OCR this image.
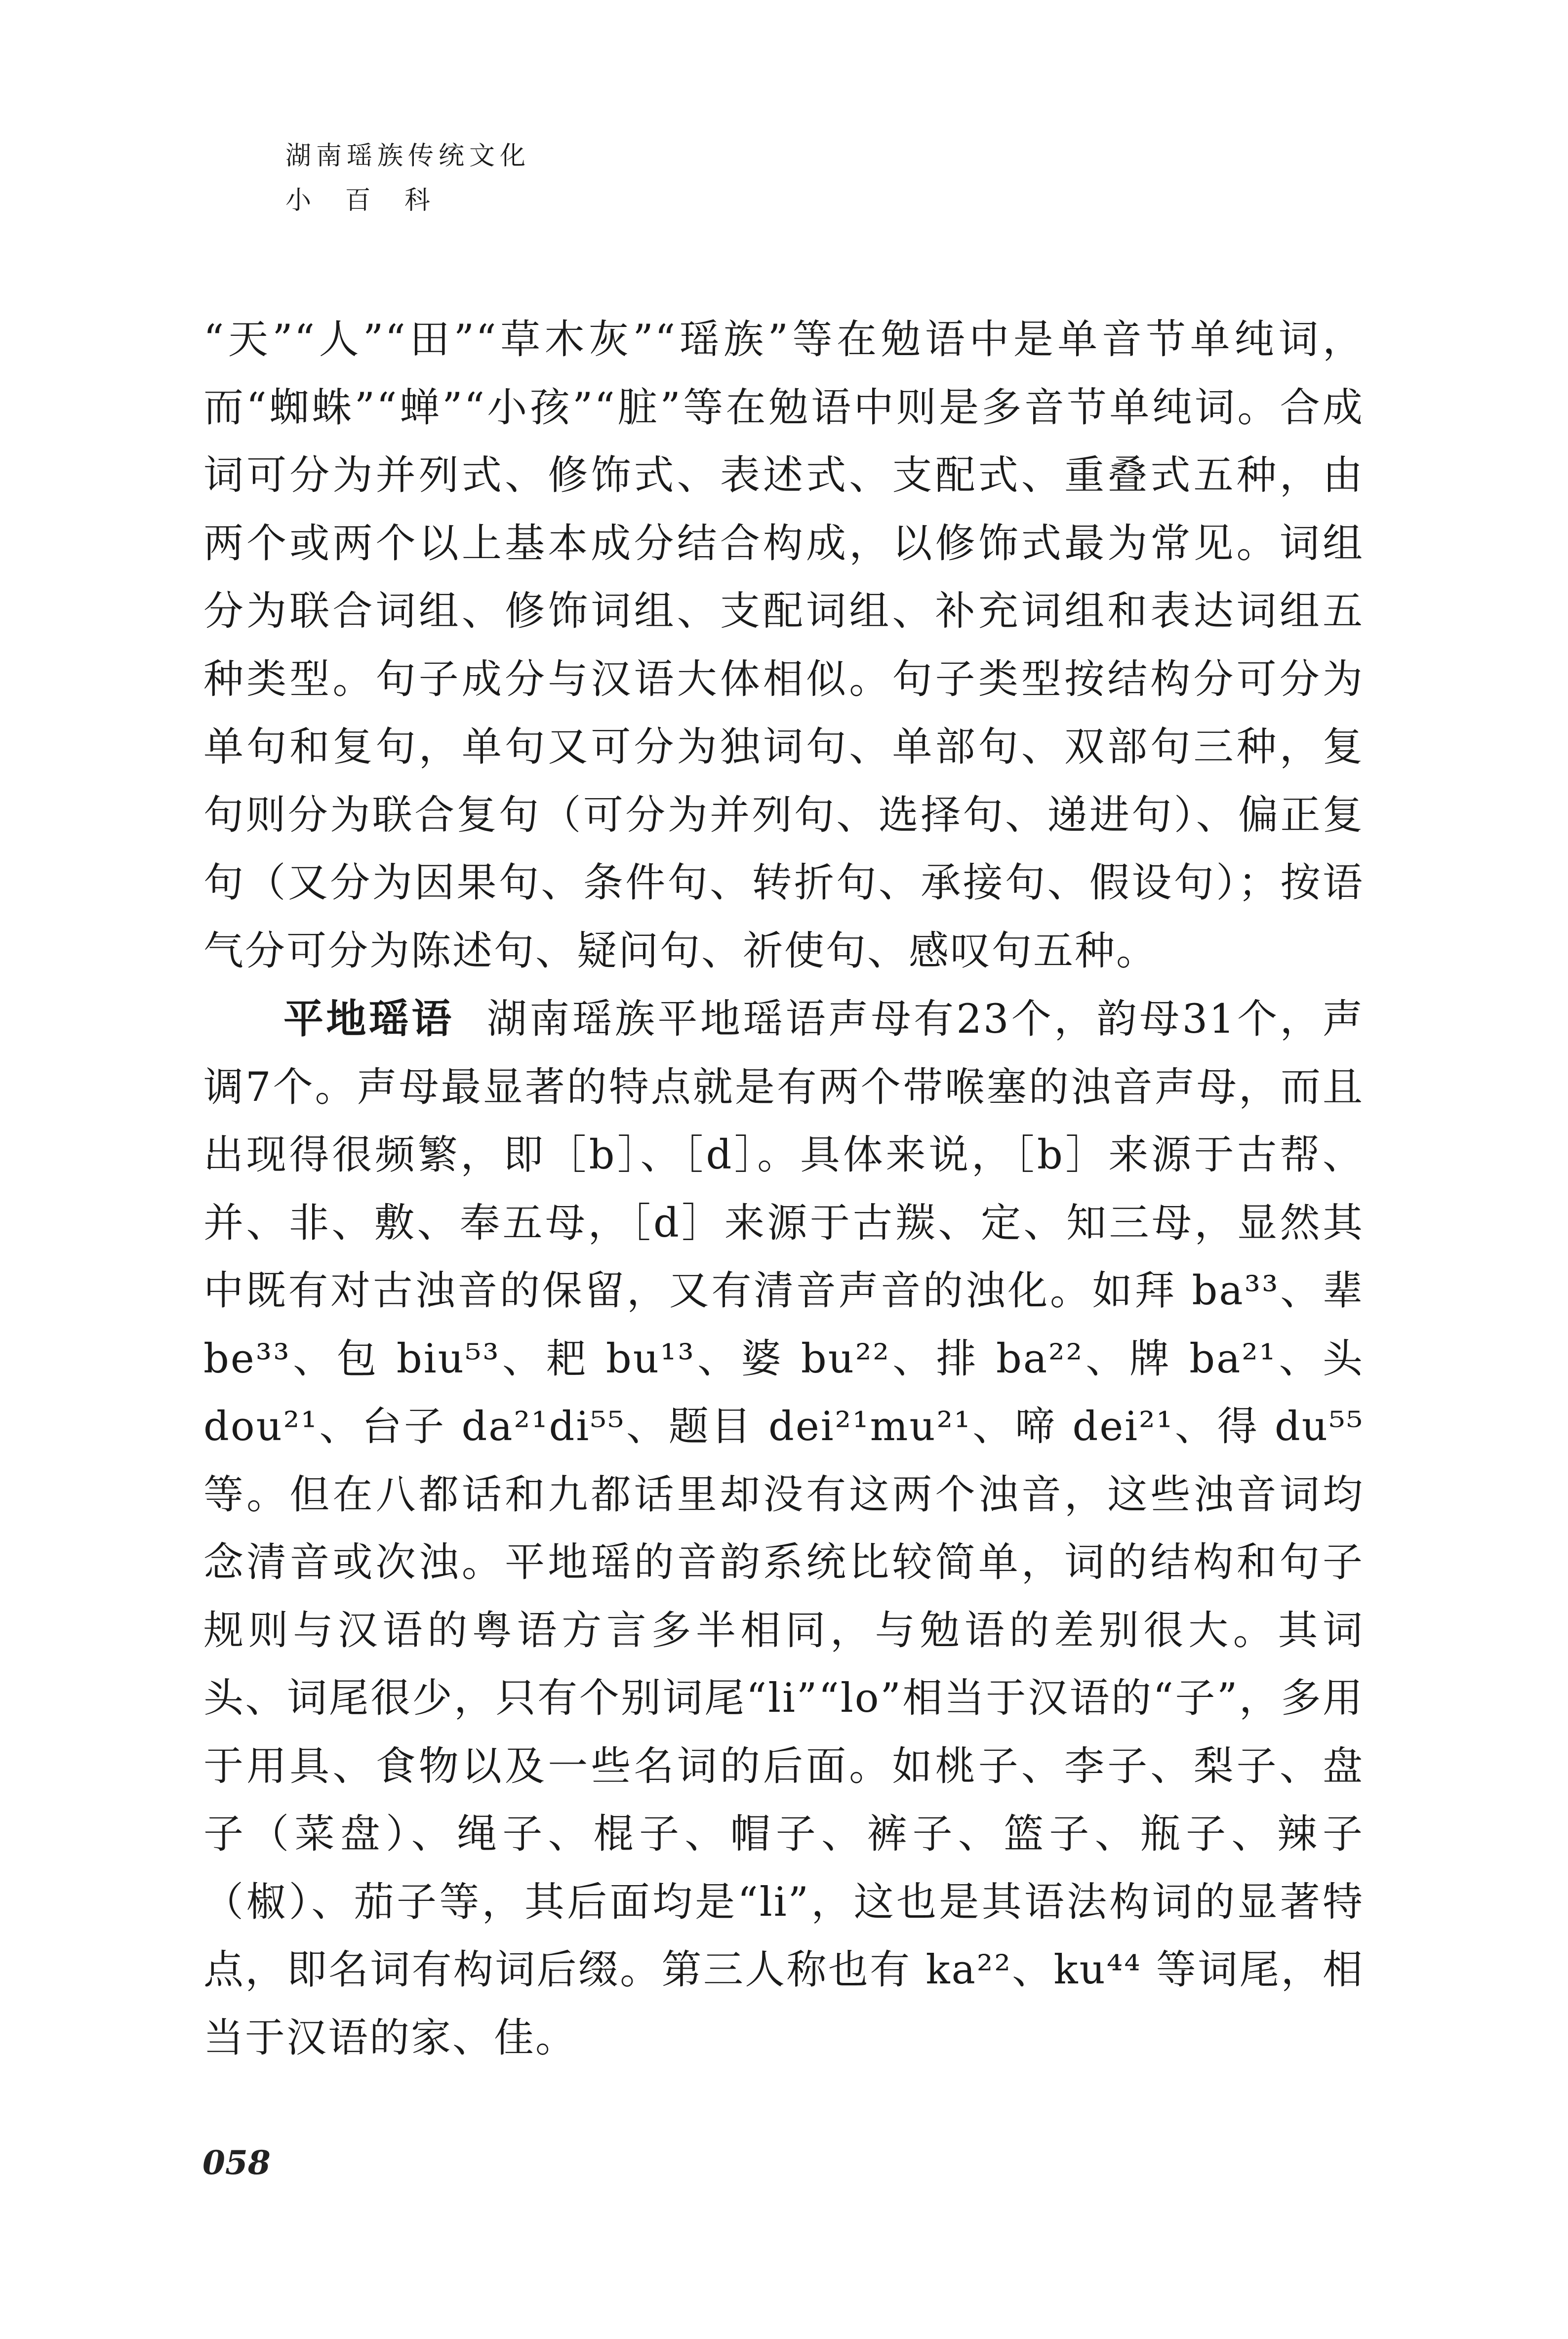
湖南瑶族传统文化
小 百 科

“天”“人”“田”“草木灰”“瑶族”等在勉语中是单音节单纯词，而“蜘蛛”“蝉”“小孩”“脏”等在勉语中则是多音节单纯词。合成词可分为并列式、修饰式、表述式、支配式、重叠式五种，由两个或两个以上基本成分结合构成，以修饰式最为常见。词组分为联合词组、修饰词组、支配词组、补充词组和表达词组五种类型。句子成分与汉语大体相似。句子类型按结构分可分为单句和复句，单句又可分为独词句、单部句、双部句三种，复句则分为联合复句（可分为并列句、选择句、递进句）、偏正复句（又分为因果句、条件句、转折句、承接句、假设句）；按语气分可分为陈述句、疑问句、祈使句、感叹句五种。

平地瑶语 湖南瑶族平地瑶语声母有23个，韵母31个，声调7个。声母最显著的特点就是有两个带喉塞的浊音声母，而且出现得很频繁，即［b］、［d］。具体来说，［b］来源于古帮、并、非、敷、奉五母，［d］来源于古羰、定、知三母，显然其中既有对古浊音的保留，又有清音声音的浊化。如拜 ba³³、辈 be³³、包 biu⁵³、耙 bu¹³、婆 bu²²、排 ba²²、牌 ba²¹、头 dou²¹、台子 da²¹di⁵⁵、题目 dei²¹mu²¹、啼 dei²¹、得 du⁵⁵等。但在八都话和九都话里却没有这两个浊音，这些浊音词均念清音或次浊。平地瑶的音韵系统比较简单，词的结构和句子规则与汉语的粤语方言多半相同，与勉语的差别很大。其词头、词尾很少，只有个别词尾“li”“lo”相当于汉语的“子”，多用于用具、食物以及一些名词的后面。如桃子、李子、梨子、盘子（菜盘）、绳子、棍子、帽子、裤子、篮子、瓶子、辣子（椒）、茄子等，其后面均是“li”，这也是其语法构词的显著特点，即名词有构词后缀。第三人称也有 ka²²、ku⁴⁴ 等词尾，相当于汉语的家、佳。

058
